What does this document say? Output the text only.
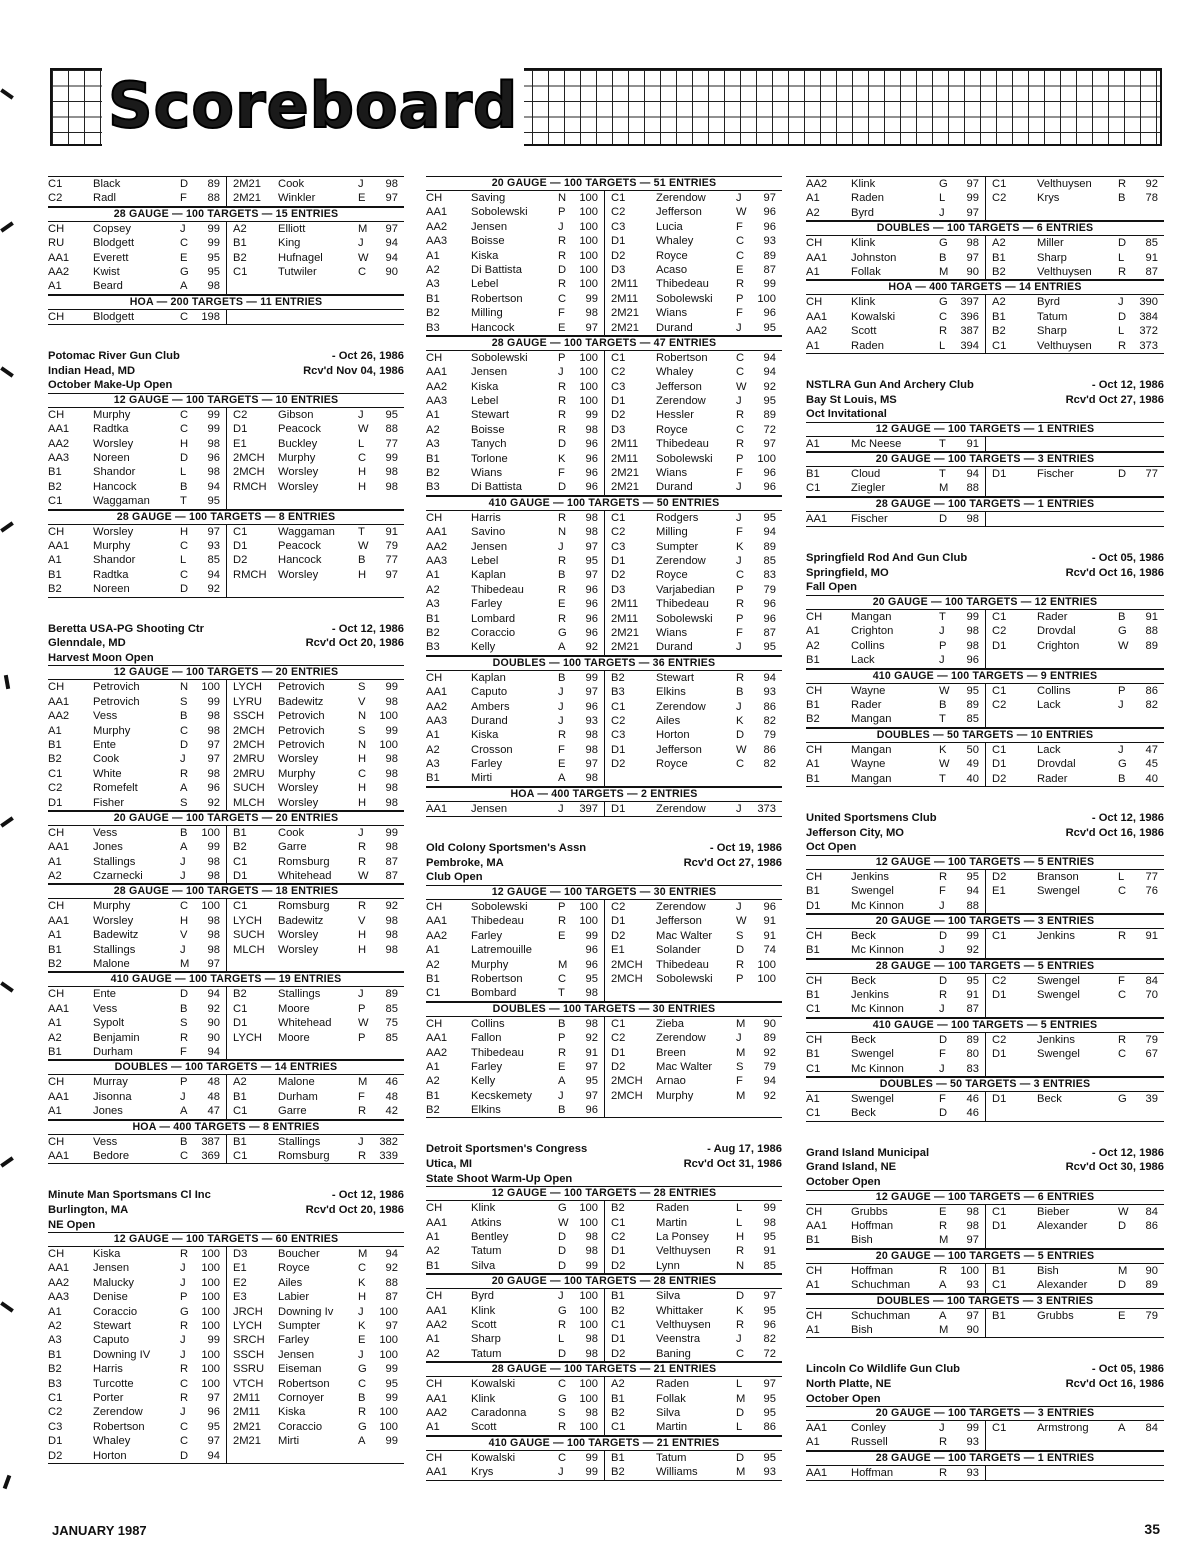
Scoreboard
C1	Black	D	89	2M21	Cook	J	98
C2	Radl	F	88	2M21	Winkler	E	97
28 GAUGE — 100 TARGETS — 15 ENTRIES
CH	Copsey	J	99	A2	Elliott	M	97
RU	Blodgett	C	99	B1	King	J	94
AA1	Everett	E	95	B2	Hufnagel	W	94
AA2	Kwist	G	95	C1	Tutwiler	C	90
A1	Beard	A	98
HOA — 200 TARGETS — 11 ENTRIES
CH	Blodgett	C	198
Potomac River Gun Club	- Oct 26, 1986
Indian Head, MD	Rcv'd Nov 04, 1986
October Make-Up Open
12 GAUGE — 100 TARGETS — 10 ENTRIES
CH	Murphy	C	99	C2	Gibson	J	95
AA1	Radtka	C	99	D1	Peacock	W	88
AA2	Worsley	H	98	E1	Buckley	L	77
AA3	Noreen	D	96	2MCH	Murphy	C	99
B1	Shandor	L	98	2MCH	Worsley	H	98
B2	Hancock	B	94	RMCH	Worsley	H	98
C1	Waggaman	T	95
28 GAUGE — 100 TARGETS — 8 ENTRIES
CH	Worsley	H	97	C1	Waggaman	T	91
AA1	Murphy	C	93	D1	Peacock	W	79
A1	Shandor	L	85	D2	Hancock	B	77
B1	Radtka	C	94	RMCH	Worsley	H	97
B2	Noreen	D	92
Beretta USA-PG Shooting Ctr	- Oct 12, 1986
Glenndale, MD	Rcv'd Oct 20, 1986
Harvest Moon Open
12 GAUGE — 100 TARGETS — 20 ENTRIES
CH	Petrovich	N	100	LYCH	Petrovich	S	99
AA1	Petrovich	S	99	LYRU	Badewitz	V	98
AA2	Vess	B	98	SSCH	Petrovich	N	100
A1	Murphy	C	98	2MCH	Petrovich	S	99
B1	Ente	D	97	2MCH	Petrovich	N	100
B2	Cook	J	97	2MRU	Worsley	H	98
C1	White	R	98	2MRU	Murphy	C	98
C2	Romefelt	A	96	SUCH	Worsley	H	98
D1	Fisher	S	92	MLCH	Worsley	H	98
20 GAUGE — 100 TARGETS — 20 ENTRIES
CH	Vess	B	100	B1	Cook	J	99
AA1	Jones	A	99	B2	Garre	R	98
A1	Stallings	J	98	C1	Romsburg	R	87
A2	Czarnecki	J	98	D1	Whitehead	W	87
28 GAUGE — 100 TARGETS — 18 ENTRIES
CH	Murphy	C	100	C1	Romsburg	R	92
AA1	Worsley	H	98	LYCH	Badewitz	V	98
A1	Badewitz	V	98	SUCH	Worsley	H	98
B1	Stallings	J	98	MLCH	Worsley	H	98
B2	Malone	M	97
410 GAUGE — 100 TARGETS — 19 ENTRIES
CH	Ente	D	94	B2	Stallings	J	89
AA1	Vess	B	92	C1	Moore	P	85
A1	Sypolt	S	90	D1	Whitehead	W	75
A2	Benjamin	R	90	LYCH	Moore	P	85
B1	Durham	F	94
DOUBLES — 100 TARGETS — 14 ENTRIES
CH	Murray	P	48	A2	Malone	M	46
AA1	Jisonna	J	48	B1	Durham	F	48
A1	Jones	A	47	C1	Garre	R	42
HOA — 400 TARGETS — 8 ENTRIES
CH	Vess	B	387	B1	Stallings	J	382
AA1	Bedore	C	369	C1	Romsburg	R	339
Minute Man Sportsmans Cl Inc	- Oct 12, 1986
Burlington, MA	Rcv'd Oct 20, 1986
NE Open
12 GAUGE — 100 TARGETS — 60 ENTRIES
CH	Kiska	R	100	D3	Boucher	M	94
AA1	Jensen	J	100	E1	Royce	C	92
AA2	Malucky	J	100	E2	Ailes	K	88
AA3	Denise	P	100	E3	Labier	H	87
A1	Coraccio	G	100	JRCH	Downing Iv	J	100
A2	Stewart	R	100	LYCH	Sumpter	K	97
A3	Caputo	J	99	SRCH	Farley	E	100
B1	Downing IV	J	100	SSCH	Jensen	J	100
B2	Harris	R	100	SSRU	Eiseman	G	99
B3	Turcotte	C	100	VTCH	Robertson	C	95
C1	Porter	R	97	2M11	Cornoyer	B	99
C2	Zerendow	J	96	2M11	Kiska	R	100
C3	Robertson	C	95	2M21	Coraccio	G	100
D1	Whaley	C	97	2M21	Mirti	A	99
D2	Horton	D	94
20 GAUGE — 100 TARGETS — 51 ENTRIES
CH	Saving	N	100	C1	Zerendow	J	97
AA1	Sobolewski	P	100	C2	Jefferson	W	96
AA2	Jensen	J	100	C3	Lucia	F	96
AA3	Boisse	R	100	D1	Whaley	C	93
A1	Kiska	R	100	D2	Royce	C	89
A2	Di Battista	D	100	D3	Acaso	E	87
A3	Lebel	R	100	2M11	Thibedeau	R	99
B1	Robertson	C	99	2M11	Sobolewski	P	100
B2	Milling	F	98	2M21	Wians	F	96
B3	Hancock	E	97	2M21	Durand	J	95
28 GAUGE — 100 TARGETS — 47 ENTRIES
CH	Sobolewski	P	100	C1	Robertson	C	94
AA1	Jensen	J	100	C2	Whaley	C	94
AA2	Kiska	R	100	C3	Jefferson	W	92
AA3	Lebel	R	100	D1	Zerendow	J	95
A1	Stewart	R	99	D2	Hessler	R	89
A2	Boisse	R	98	D3	Royce	C	72
A3	Tanych	D	96	2M11	Thibedeau	R	97
B1	Torlone	K	96	2M11	Sobolewski	P	100
B2	Wians	F	96	2M21	Wians	F	96
B3	Di Battista	D	96	2M21	Durand	J	96
410 GAUGE — 100 TARGETS — 50 ENTRIES
CH	Harris	R	98	C1	Rodgers	J	95
AA1	Savino	N	98	C2	Milling	F	94
AA2	Jensen	J	97	C3	Sumpter	K	89
AA3	Lebel	R	95	D1	Zerendow	J	85
A1	Kaplan	B	97	D2	Royce	C	83
A2	Thibedeau	R	96	D3	Varjabedian	P	79
A3	Farley	E	96	2M11	Thibedeau	R	96
B1	Lombard	R	96	2M11	Sobolewski	P	96
B2	Coraccio	G	96	2M21	Wians	F	87
B3	Kelly	A	92	2M21	Durand	J	95
DOUBLES — 100 TARGETS — 36 ENTRIES
CH	Kaplan	B	99	B2	Stewart	R	94
AA1	Caputo	J	97	B3	Elkins	B	93
AA2	Ambers	J	96	C1	Zerendow	J	86
AA3	Durand	J	93	C2	Ailes	K	82
A1	Kiska	R	98	C3	Horton	D	79
A2	Crosson	F	98	D1	Jefferson	W	86
A3	Farley	E	97	D2	Royce	C	82
B1	Mirti	A	98
HOA — 400 TARGETS — 2 ENTRIES
AA1	Jensen	J	397	D1	Zerendow	J	373
Old Colony Sportsmen's Assn	- Oct 19, 1986
Pembroke, MA	Rcv'd Oct 27, 1986
Club Open
12 GAUGE — 100 TARGETS — 30 ENTRIES
CH	Sobolewski	P	100	C2	Zerendow	J	96
AA1	Thibedeau	R	100	D1	Jefferson	W	91
AA2	Farley	E	99	D2	Mac Walter	S	91
A1	Latremouille	96	E1	Solander	D	74
A2	Murphy	M	96	2MCH	Thibedeau	R	100
B1	Robertson	C	95	2MCH	Sobolewski	P	100
C1	Bombard	T	98
DOUBLES — 100 TARGETS — 30 ENTRIES
CH	Collins	B	98	C1	Zieba	M	90
AA1	Fallon	P	92	C2	Zerendow	J	89
AA2	Thibedeau	R	91	D1	Breen	M	92
A1	Farley	E	97	D2	Mac Walter	S	79
A2	Kelly	A	95	2MCH	Arnao	F	94
B1	Kecskemety	J	97	2MCH	Murphy	M	92
B2	Elkins	B	96
Detroit Sportsmen's Congress	- Aug 17, 1986
Utica, MI	Rcv'd Oct 31, 1986
State Shoot Warm-Up Open
12 GAUGE — 100 TARGETS — 28 ENTRIES
CH	Klink	G	100	B2	Raden	L	99
AA1	Atkins	W 100	C1	Martin	L	98
A1	Bentley	D	98	C2	La Ponsey	H	95
A2	Tatum	D	98	D1	Velthuysen	R	91
B1	Silva	D	99	D2	Lynn	N	85
20 GAUGE — 100 TARGETS — 28 ENTRIES
CH	Byrd	J	100	B1	Silva	D	97
AA1	Klink	G	100	B2	Whittaker	K	95
AA2	Scott	R	100	C1	Velthuysen	R	96
A1	Sharp	L	98	D1	Veenstra	J	82
A2	Tatum	D	98	D2	Baning	C	72
28 GAUGE — 100 TARGETS — 21 ENTRIES
CH	Kowalski	C	100	A2	Raden	L	97
AA1	Klink	G	100	B1	Follak	M	95
AA2	Caradonna	S	98	B2	Silva	D	95
A1	Scott	R	100	C1	Martin	L	86
410 GAUGE — 100 TARGETS — 21 ENTRIES
CH	Kowalski	C	99	B1	Tatum	D	95
AA1	Krys	J	99	B2	Williams	M	93
AA2	Klink	G	97	C1	Velthuysen	R	92
A1	Raden	L	99	C2	Krys	B	78
A2	Byrd	J	97
DOUBLES — 100 TARGETS — 6 ENTRIES
CH	Klink	G	98	A2	Miller	D	85
AA1	Johnston	B	97	B1	Sharp	L	91
A1	Follak	M	90	B2	Velthuysen	R	87
HOA — 400 TARGETS — 14 ENTRIES
CH	Klink	G	397	A2	Byrd	J	390
AA1	Kowalski	C	396	B1	Tatum	D	384
AA2	Scott	R	387	B2	Sharp	L	372
A1	Raden	L	394	C1	Velthuysen	R	373
NSTLRA Gun And Archery Club	- Oct 12, 1986
Bay St Louis, MS	Rcv'd Oct 27, 1986
Oct Invitational
12 GAUGE — 100 TARGETS — 1 ENTRIES
A1	Mc Neese	T	91
20 GAUGE — 100 TARGETS — 3 ENTRIES
B1	Cloud	T	94	D1	Fischer	D	77
C1	Ziegler	M	88
28 GAUGE — 100 TARGETS — 1 ENTRIES
AA1	Fischer	D	98
Springfield Rod And Gun Club	- Oct 05, 1986
Springfield, MO	Rcv'd Oct 16, 1986
Fall Open
20 GAUGE — 100 TARGETS — 12 ENTRIES
CH	Mangan	T	99	C1	Rader	B	91
A1	Crighton	J	98	C2	Drovdal	G	88
A2	Collins	P	98	D1	Crighton	W	89
B1	Lack	J	96
410 GAUGE — 100 TARGETS — 9 ENTRIES
CH	Wayne	W	95	C1	Collins	P	86
B1	Rader	B	89	C2	Lack	J	82
B2	Mangan	T	85
DOUBLES — 50 TARGETS — 10 ENTRIES
CH	Mangan	K	50	C1	Lack	J	47
A1	Wayne	W	49	D1	Drovdal	G	45
B1	Mangan	T	40	D2	Rader	B	40
United Sportsmens Club	- Oct 12, 1986
Jefferson City, MO	Rcv'd Oct 16, 1986
Oct Open
12 GAUGE — 100 TARGETS — 5 ENTRIES
CH	Jenkins	R	95	D2	Branson	L	77
B1	Swengel	F	94	E1	Swengel	C	76
D1	Mc Kinnon	J	88
20 GAUGE — 100 TARGETS — 3 ENTRIES
CH	Beck	D	99	C1	Jenkins	R	91
B1	Mc Kinnon	J	92
28 GAUGE — 100 TARGETS — 5 ENTRIES
CH	Beck	D	95	C2	Swengel	F	84
B1	Jenkins	R	91	D1	Swengel	C	70
C1	Mc Kinnon	J	87
410 GAUGE — 100 TARGETS — 5 ENTRIES
CH	Beck	D	89	C2	Jenkins	R	79
B1	Swengel	F	80	D1	Swengel	C	67
C1	Mc Kinnon	J	83
DOUBLES — 50 TARGETS — 3 ENTRIES
A1	Swengel	F	46	D1	Beck	G	39
C1	Beck	D	46
Grand Island Municipal	- Oct 12, 1986
Grand Island, NE	Rcv'd Oct 30, 1986
October Open
12 GAUGE — 100 TARGETS — 6 ENTRIES
CH	Grubbs	E	98	C1	Bieber	W	84
AA1	Hoffman	R	98	D1	Alexander	D	86
B1	Bish	M	97
20 GAUGE — 100 TARGETS — 5 ENTRIES
CH	Hoffman	R	100	B1	Bish	M	90
A1	Schuchman	A	93	C1	Alexander	D	89
DOUBLES — 100 TARGETS — 3 ENTRIES
CH	Schuchman	A	97	B1	Grubbs	E	79
A1	Bish	M	90
Lincoln Co Wildlife Gun Club	- Oct 05, 1986
North Platte, NE	Rcv'd Oct 16, 1986
October Open
20 GAUGE — 100 TARGETS — 3 ENTRIES
AA1	Conley	J	99	C1	Armstrong	A	84
A1	Russell	R	93
28 GAUGE — 100 TARGETS — 1 ENTRIES
AA1	Hoffman	R	93
JANUARY 1987	35
